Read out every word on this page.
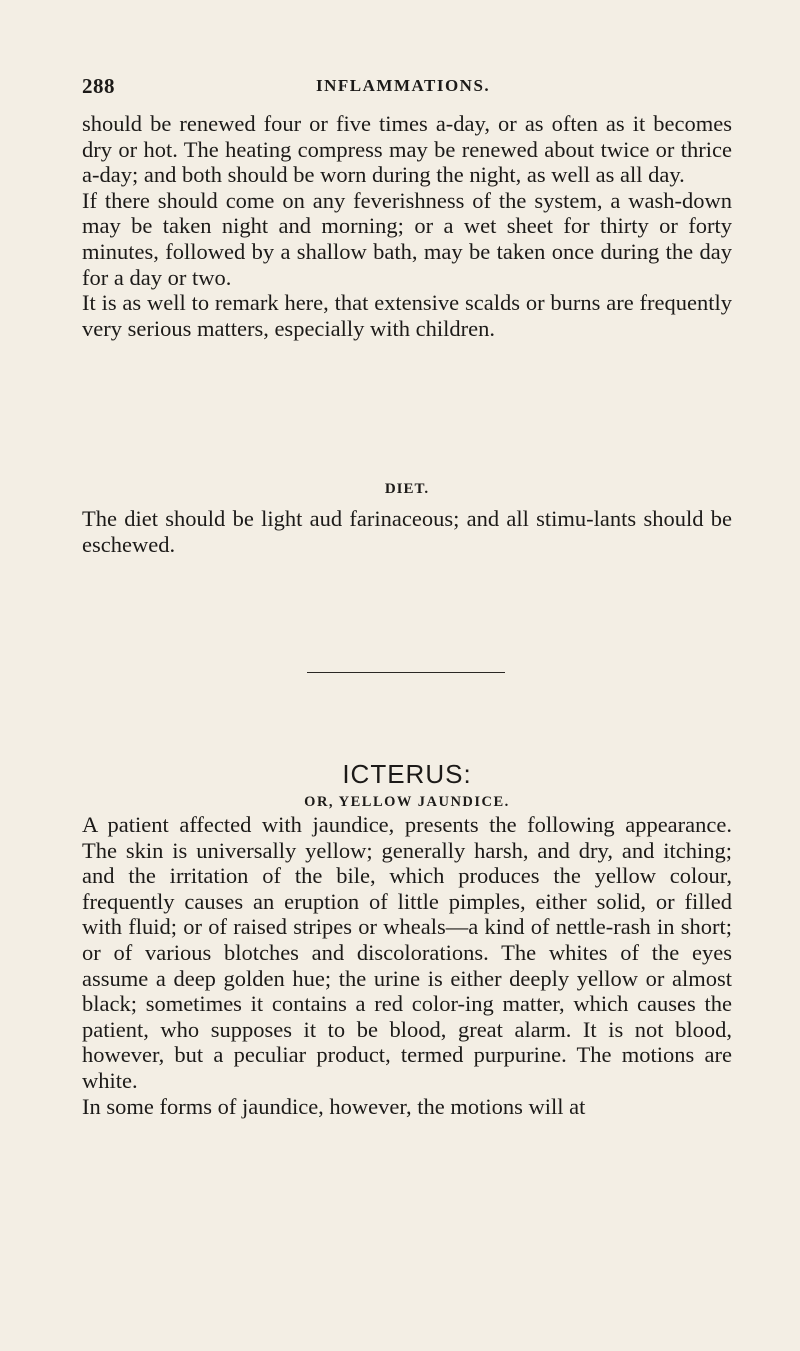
288	INFLAMMATIONS.

should be renewed four or five times a-day, or as often as it becomes dry or hot. The heating compress may be renewed about twice or thrice a-day; and both should be worn during the night, as well as all day.

If there should come on any feverishness of the system, a wash-down may be taken night and morning; or a wet sheet for thirty or forty minutes, followed by a shallow bath, may be taken once during the day for a day or two.

It is as well to remark here, that extensive scalds or burns are frequently very serious matters, especially with children.

DIET.

The diet should be light aud farinaceous; and all stimu-lants should be eschewed.

ICTERUS:
OR, YELLOW JAUNDICE.

A patient affected with jaundice, presents the following appearance. The skin is universally yellow; generally harsh, and dry, and itching; and the irritation of the bile, which produces the yellow colour, frequently causes an eruption of little pimples, either solid, or filled with fluid; or of raised stripes or wheals—a kind of nettle-rash in short; or of various blotches and discolorations. The whites of the eyes assume a deep golden hue; the urine is either deeply yellow or almost black; sometimes it contains a red color-ing matter, which causes the patient, who supposes it to be blood, great alarm. It is not blood, however, but a peculiar product, termed purpurine. The motions are white.

In some forms of jaundice, however, the motions will at
